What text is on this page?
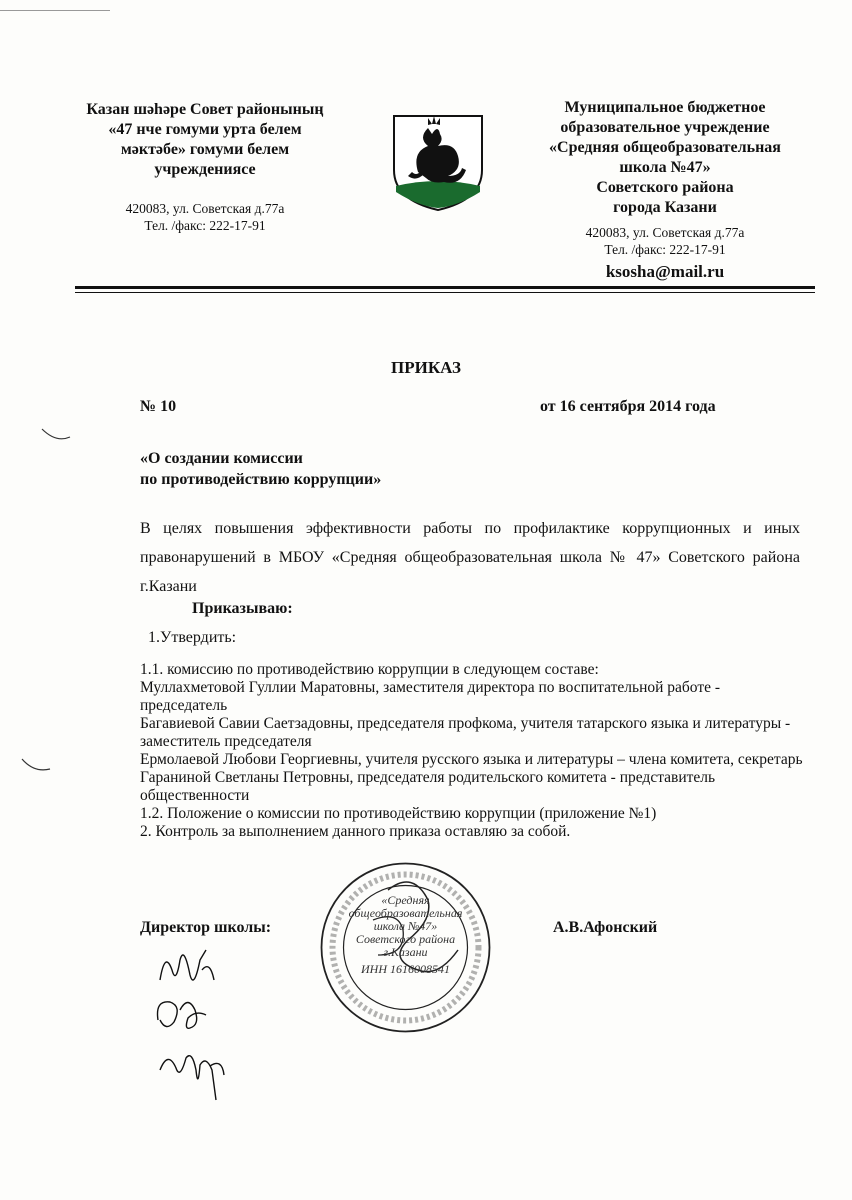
Казан шәһәре Совет районының
«47 нче гомуми урта белем
мәктәбе» гомуми белем
учреждениясе
420083, ул. Советская д.77а
Тел. /факс: 222-17-91
Муниципальное бюджетное
образовательное учреждение
«Средняя общеобразовательная
школа №47»
Советского района
города Казани
420083, ул. Советская д.77а
Тел. /факс: 222-17-91
ksosha@mail.ru
ПРИКАЗ
№ 10	от 16 сентября 2014 года
«О создании комиссии
по противодействию коррупции»
В целях повышения эффективности работы по профилактике коррупционных и иных правонарушений в МБОУ «Средняя общеобразовательная школа № 47» Советского района г.Казани
Приказываю:
1.Утвердить:
1.1. комиссию по противодействию коррупции в следующем составе:
Муллахметовой Гуллии Маратовны, заместителя директора по воспитательной работе - председатель
Багавиевой Савии Саетзадовны, председателя профкома, учителя татарского языка и литературы - заместитель председателя
Ермолаевой Любови Георгиевны, учителя русского языка и литературы – члена комитета, секретарь
Гараниной Светланы Петровны, председателя родительского комитета - представитель общественности
1.2. Положение о комиссии по противодействию коррупции (приложение №1)
2. Контроль за выполнением данного приказа оставляю за собой.
Директор школы:	А.В.Афонский
«Средняя
общеобразовательная
школа №47»
Советского района
г.Казани
ИНН 1616008541
